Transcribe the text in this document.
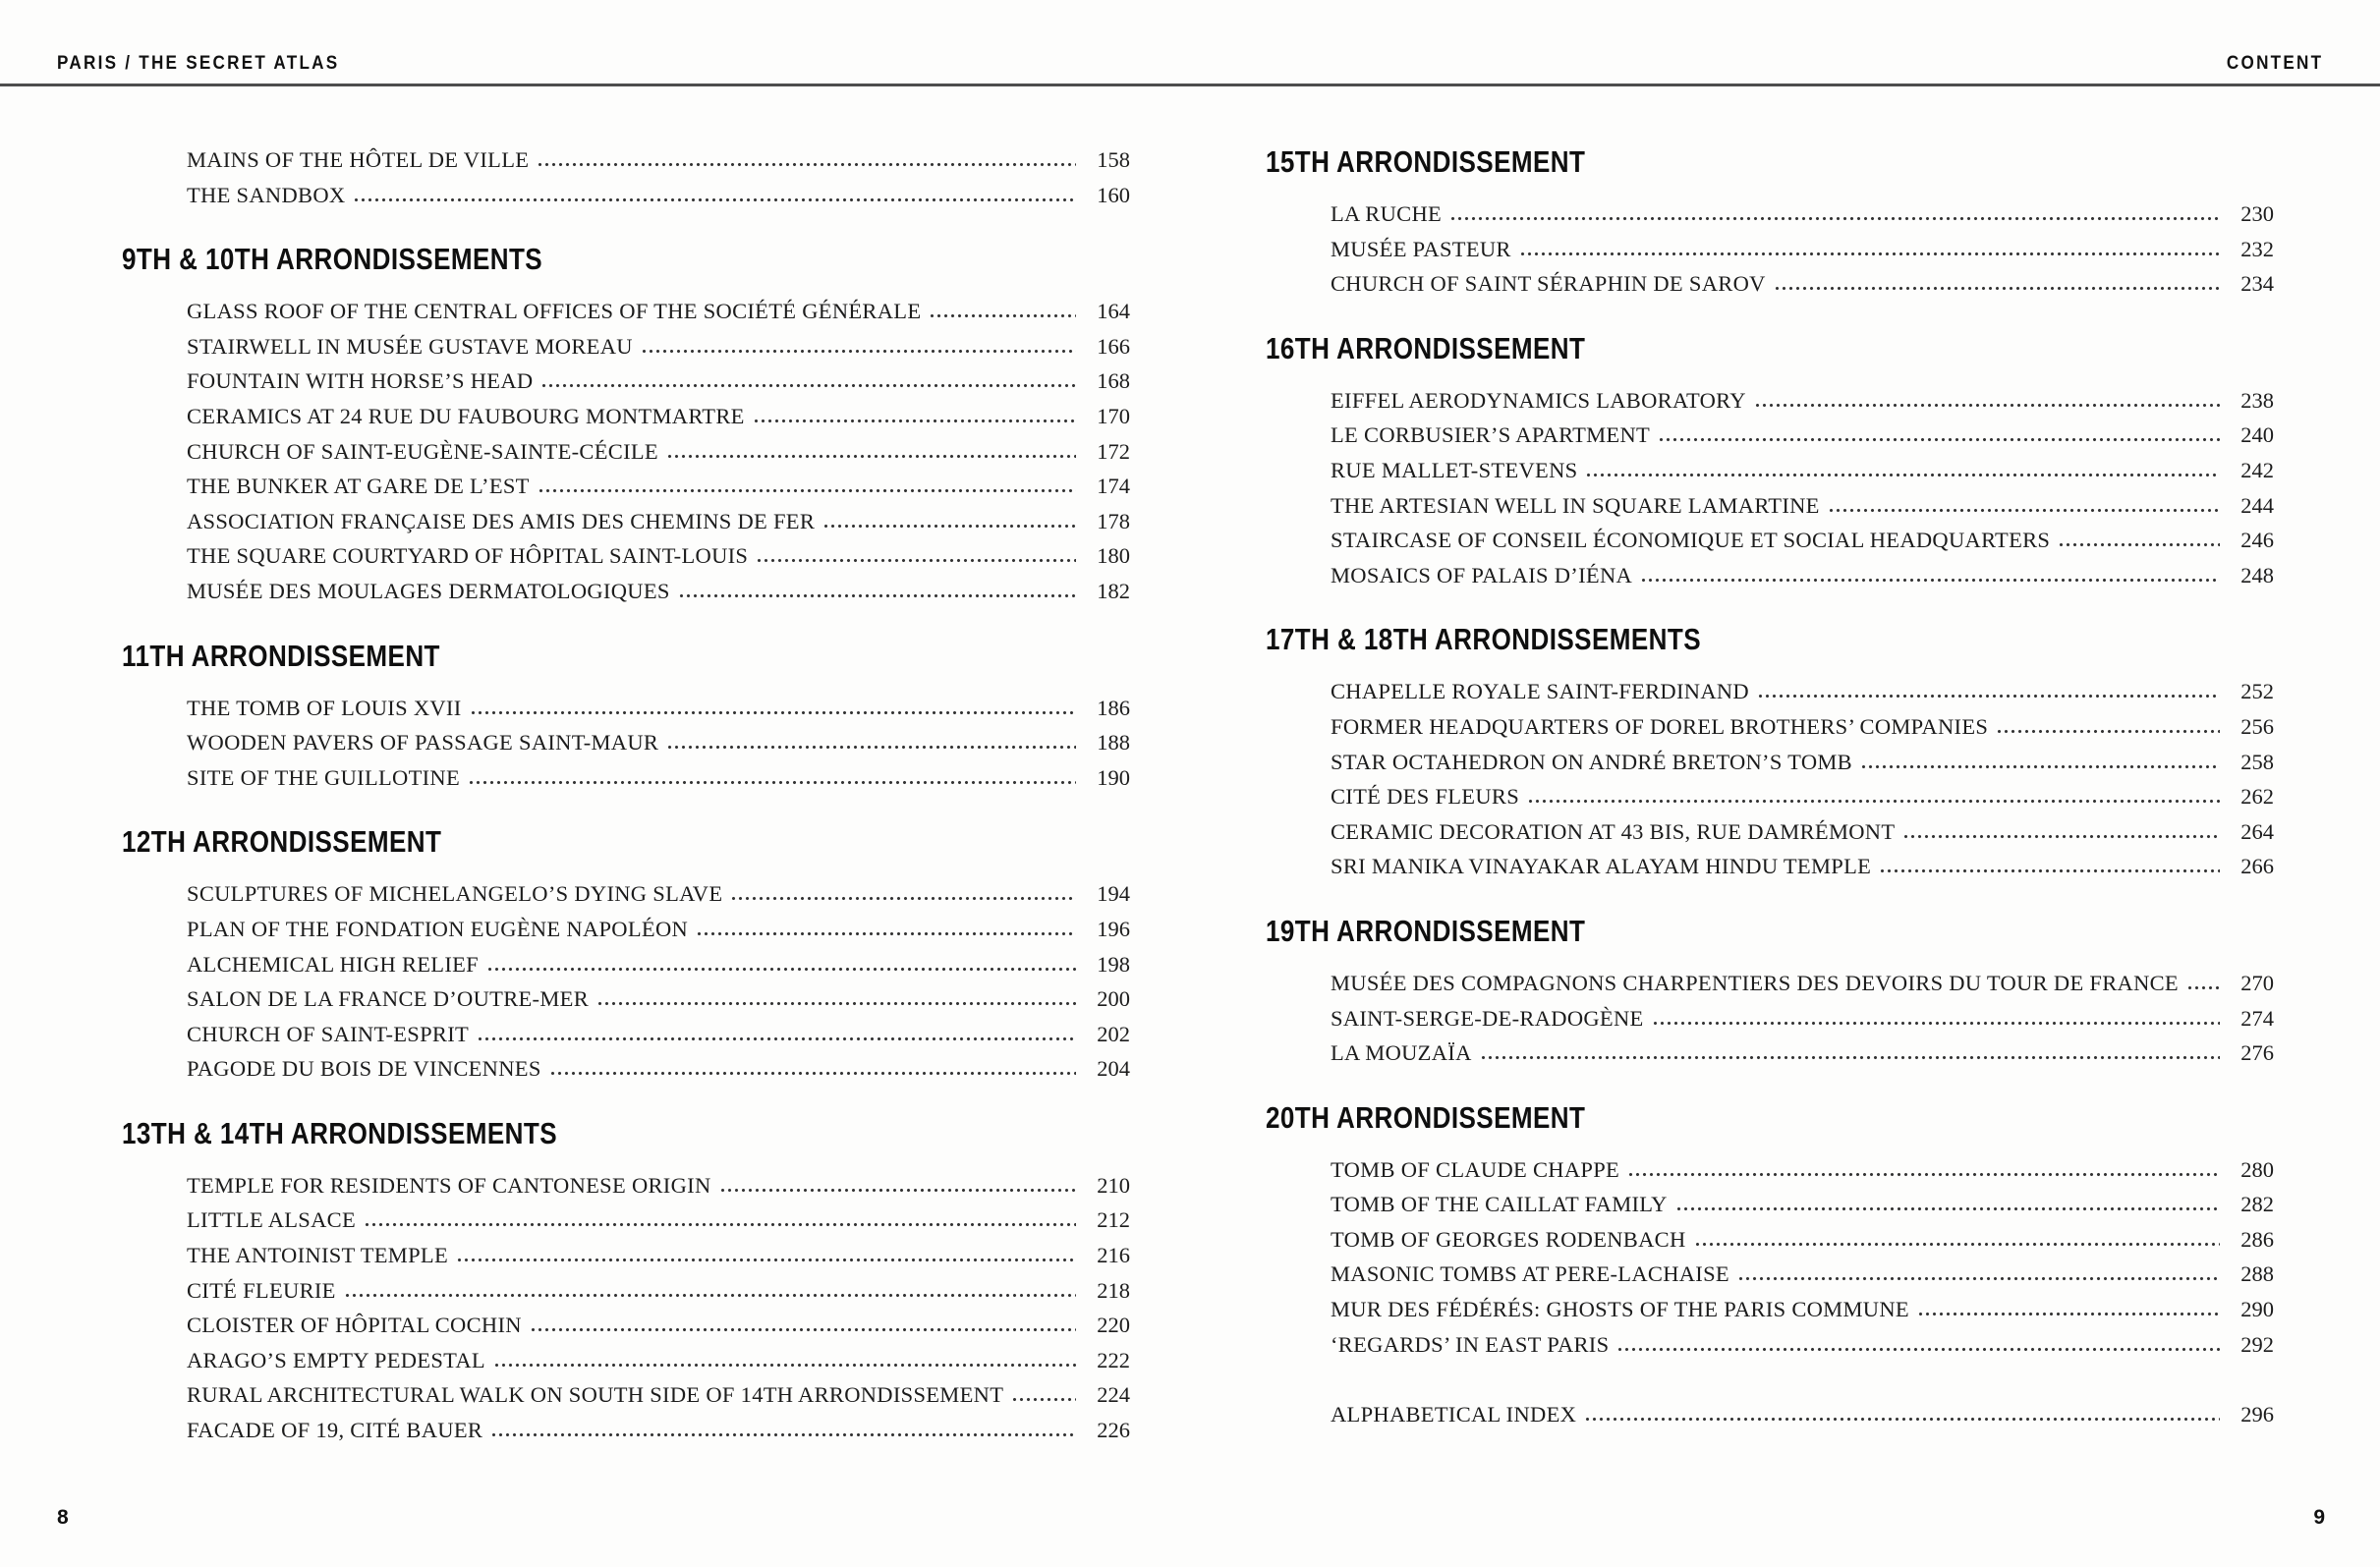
PARIS / THE SECRET ATLAS	CONTENT
MAINS OF THE HÔTEL DE VILLE	158
THE SANDBOX	160
9TH & 10TH ARRONDISSEMENTS
GLASS ROOF OF THE CENTRAL OFFICES OF THE SOCIÉTÉ GÉNÉRALE	164
STAIRWELL IN MUSÉE GUSTAVE MOREAU	166
FOUNTAIN WITH HORSE’S HEAD	168
CERAMICS AT 24 RUE DU FAUBOURG MONTMARTRE	170
CHURCH OF SAINT-EUGÈNE-SAINTE-CÉCILE	172
THE BUNKER AT GARE DE L’EST	174
ASSOCIATION FRANÇAISE DES AMIS DES CHEMINS DE FER	178
THE SQUARE COURTYARD OF HÔPITAL SAINT-LOUIS	180
MUSÉE DES MOULAGES DERMATOLOGIQUES	182
11TH ARRONDISSEMENT
THE TOMB OF LOUIS XVII	186
WOODEN PAVERS OF PASSAGE SAINT-MAUR	188
SITE OF THE GUILLOTINE	190
12TH ARRONDISSEMENT
SCULPTURES OF MICHELANGELO’S DYING SLAVE	194
PLAN OF THE FONDATION EUGÈNE NAPOLÉON	196
ALCHEMICAL HIGH RELIEF	198
SALON DE LA FRANCE D’OUTRE-MER	200
CHURCH OF SAINT-ESPRIT	202
PAGODE DU BOIS DE VINCENNES	204
13TH & 14TH ARRONDISSEMENTS
TEMPLE FOR RESIDENTS OF CANTONESE ORIGIN	210
LITTLE ALSACE	212
THE ANTOINIST TEMPLE	216
CITÉ FLEURIE	218
CLOISTER OF HÔPITAL COCHIN	220
ARAGO’S EMPTY PEDESTAL	222
RURAL ARCHITECTURAL WALK ON SOUTH SIDE OF 14TH ARRONDISSEMENT	224
FACADE OF 19, CITÉ BAUER	226
15TH ARRONDISSEMENT
LA RUCHE	230
MUSÉE PASTEUR	232
CHURCH OF SAINT SÉRAPHIN DE SAROV	234
16TH ARRONDISSEMENT
EIFFEL AERODYNAMICS LABORATORY	238
LE CORBUSIER’S APARTMENT	240
RUE MALLET-STEVENS	242
THE ARTESIAN WELL IN SQUARE LAMARTINE	244
STAIRCASE OF CONSEIL ÉCONOMIQUE ET SOCIAL HEADQUARTERS	246
MOSAICS OF PALAIS D’IÉNA	248
17TH & 18TH ARRONDISSEMENTS
CHAPELLE ROYALE SAINT-FERDINAND	252
FORMER HEADQUARTERS OF DOREL BROTHERS’ COMPANIES	256
STAR OCTAHEDRON ON ANDRÉ BRETON’S TOMB	258
CITÉ DES FLEURS	262
CERAMIC DECORATION AT 43 BIS, RUE DAMRÉMONT	264
SRI MANIKA VINAYAKAR ALAYAM HINDU TEMPLE	266
19TH ARRONDISSEMENT
MUSÉE DES COMPAGNONS CHARPENTIERS DES DEVOIRS DU TOUR DE FRANCE	270
SAINT-SERGE-DE-RADOGÈNE	274
LA MOUZAÏA	276
20TH ARRONDISSEMENT
TOMB OF CLAUDE CHAPPE	280
TOMB OF THE CAILLAT FAMILY	282
TOMB OF GEORGES RODENBACH	286
MASONIC TOMBS AT PERE-LACHAISE	288
MUR DES FÉDÉRÉS: GHOSTS OF THE PARIS COMMUNE	290
‘REGARDS’ IN EAST PARIS	292
ALPHABETICAL INDEX	296
8	9
